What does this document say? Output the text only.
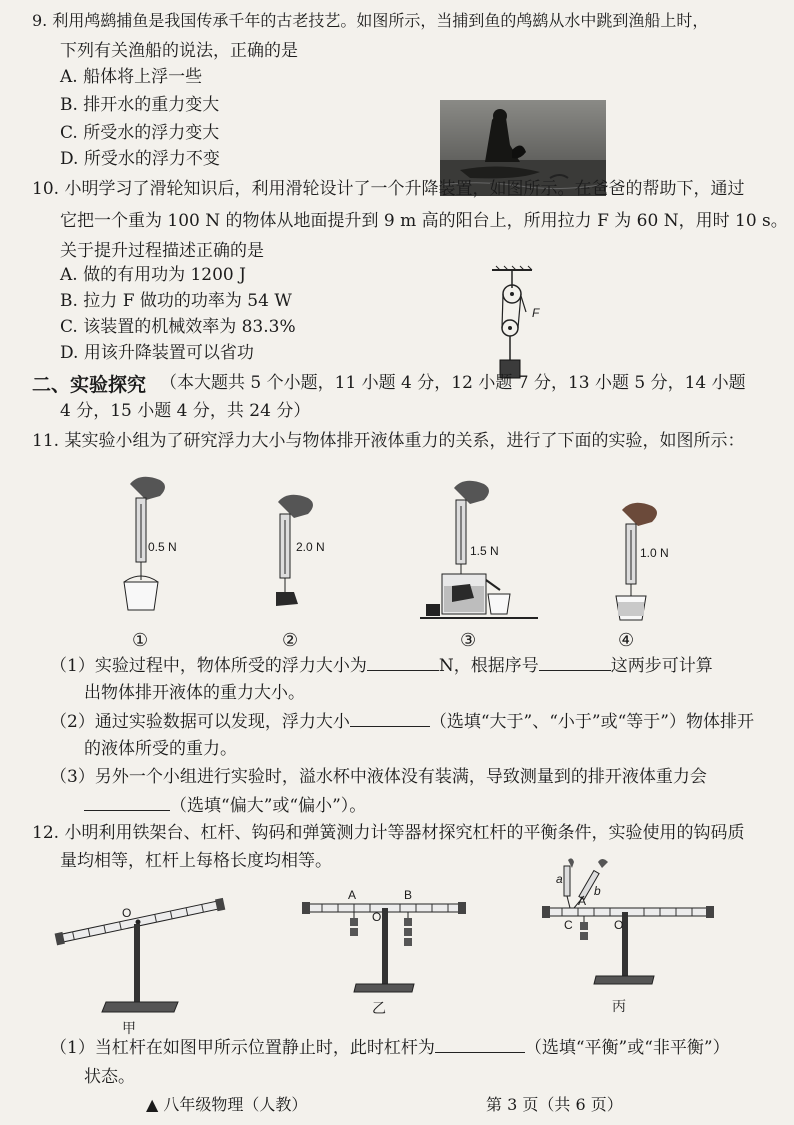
9. 利用鸬鹚捕鱼是我国传承千年的古老技艺。如图所示，当捕到鱼的鸬鹚从水中跳到渔船上时，
下列有关渔船的说法，正确的是
A. 船体将上浮一些
B. 排开水的重力变大
C. 所受水的浮力变大
D. 所受水的浮力不变
10. 小明学习了滑轮知识后，利用滑轮设计了一个升降装置，如图所示。在爸爸的帮助下，通过
它把一个重为 100 N 的物体从地面提升到 9 m 高的阳台上，所用拉力 F 为 60 N，用时 10 s。
关于提升过程描述正确的是
A. 做的有用功为 1200 J
B. 拉力 F 做功的功率为 54 W
C. 该装置的机械效率为 83.3%
D. 用该升降装置可以省功
F
二、实验探究 （本大题共 5 个小题，11 小题 4 分，12 小题 7 分，13 小题 5 分，14 小题
4 分，15 小题 4 分，共 24 分）
11. 某实验小组为了研究浮力大小与物体排开液体重力的关系，进行了下面的实验，如图所示：
0.5 N
①
2.0 N
②
1.5 N
③
1.0 N
④
（1）实验过程中，物体所受的浮力大小为	N，根据序号	这两步可计算
出物体排开液体的重力大小。
（2）通过实验数据可以发现，浮力大小	（选填“大于”、“小于”或“等于”）物体排开
的液体所受的重力。
（3）另外一个小组进行实验时，溢水杯中液体没有装满，导致测量到的排开液体重力会
（选填“偏大”或“偏小”）。
12. 小明利用铁架台、杠杆、钩码和弹簧测力计等器材探究杠杆的平衡条件，实验使用的钩码质
量均相等，杠杆上每格长度均相等。
O
甲
A	B
O
乙
a
b
A
C	O
丙
（1）当杠杆在如图甲所示位置静止时，此时杠杆为	（选填“平衡”或“非平衡”）
状态。
▲ 八年级物理（人教）	第 3 页（共 6 页）
